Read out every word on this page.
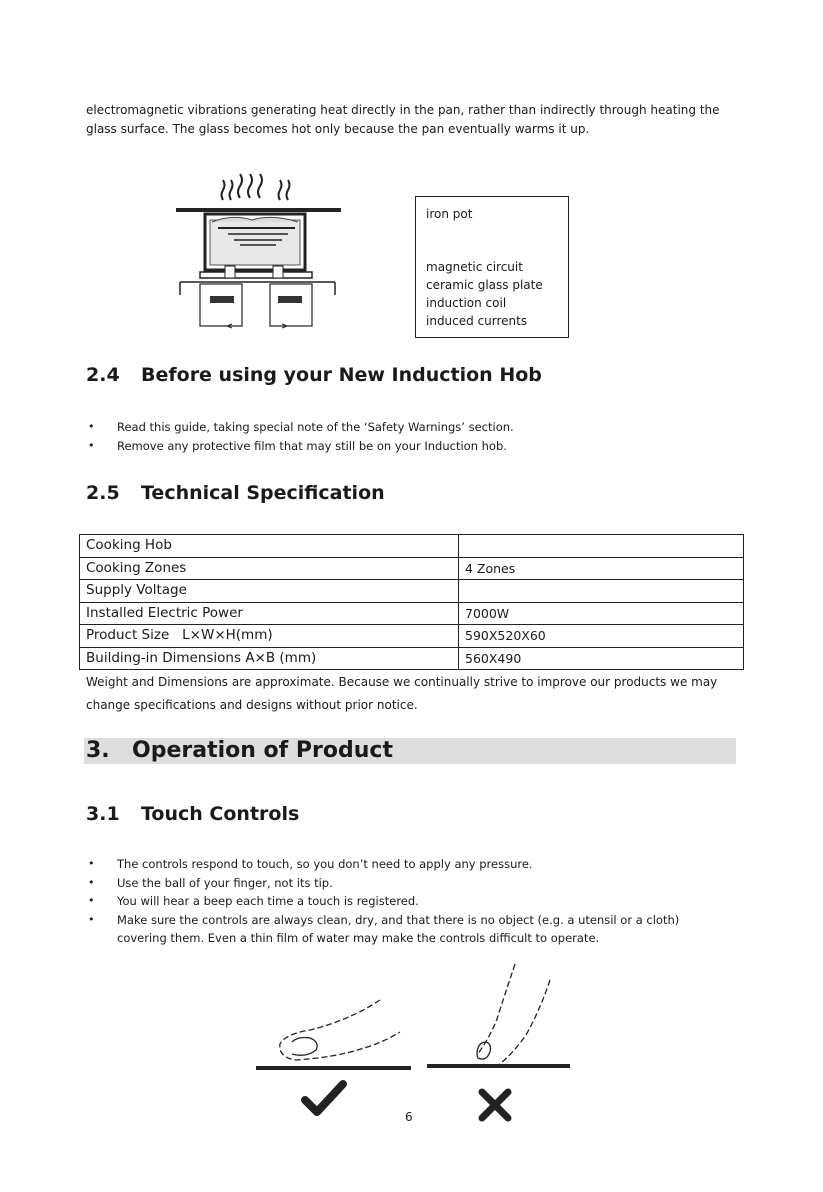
electromagnetic vibrations generating heat directly in the pan, rather than indirectly through heating the
glass surface. The glass becomes hot only because the pan eventually warms it up.
iron pot
magnetic circuit
ceramic glass plate
induction coil
induced currents
2.4 Before using your New Induction Hob
• Read this guide, taking special note of the ‘Safety Warnings’ section.
• Remove any protective film that may still be on your Induction hob.
2.5 Technical Specification
Cooking Hob	
Cooking Zones	4 Zones
Supply Voltage	
Installed Electric Power	7000W
Product Size   L×W×H(mm)	590X520X60
Building-in Dimensions A×B (mm)	560X490
Weight and Dimensions are approximate. Because we continually strive to improve our products we may
change specifications and designs without prior notice.
3. Operation of Product
3.1 Touch Controls
• The controls respond to touch, so you don’t need to apply any pressure.
• Use the ball of your finger, not its tip.
• You will hear a beep each time a touch is registered.
• Make sure the controls are always clean, dry, and that there is no object (e.g. a utensil or a cloth)
covering them. Even a thin film of water may make the controls difficult to operate.
6
